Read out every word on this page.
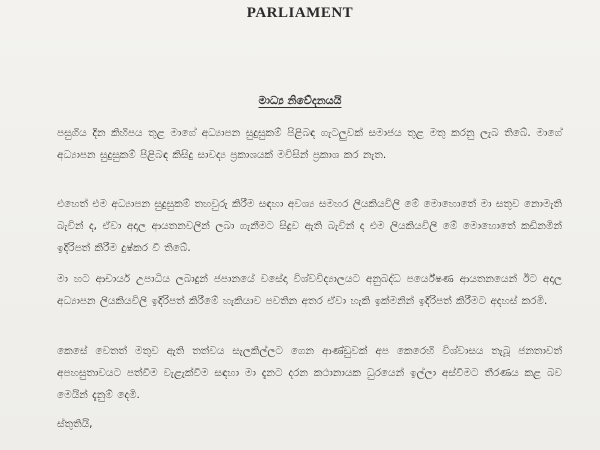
PARLIAMENT
මාධ්‍ය නිවේදනයයි
පසුගිය දින කිහිපය තුළ මාගේ අධ්‍යාපන සුදුසුකම් පිළිබඳ ගැටලුවක් සමාජය තුළ මතු කරනු ලැබ තිබේ. මාගේ අධ්‍යාපන සුදුසුකම් පිළිබඳ කිසිදු සාවද්‍ය ප්‍රකාශයක් මවිසින් ප්‍රකාශ කර නැත.
එහෙත් එම අධ්‍යාපන සුදුසුකම් තහවුරු කිරීම සඳහා අවශ්‍ය සමහර ලියකියවිලි මේ මොහොතේ මා සතුව නොමැති බැවින් ද, ඒවා අදාල ආයතනවලින් ලබා ගැනීමට සිදුව ඇති බැවින් ද එම ලියකියවිලි මේ මොහොතේ කඩිනමින් ඉදිරිපත් කිරීම දුෂ්කර වී තිබේ.
මා හට ආචාර්ය උපාධිය ලබාදුන් ජපානයේ වසේදා විශ්වවිද්‍යාලයට අනුබද්ධ පර්යේෂණ ආයතනයෙන් ඊට අදාල අධ්‍යාපන ලියකියවිලි ඉදිරිපත් කිරීමේ හැකියාව පවතින අතර ඒවා හැකි ඉක්මනින් ඉදිරිපත් කිරීමට අදහස් කරමි.
කෙසේ වෙතත් මතුව ඇති තත්වය සැලකිල්ලට ගෙන ආණ්ඩුවක් අප කෙරෙහි විශ්වාසය තැබූ ජනතාවත් අපහසුතාවයට පත්වීම වැළැක්වීම සඳහා මා දැනට දරන කථානායක ධුරයෙන් ඉල්ලා අස්වීමට තීරණය කළ බව මෙයින් දැනුම් දෙමි.
ස්තුතියි,
